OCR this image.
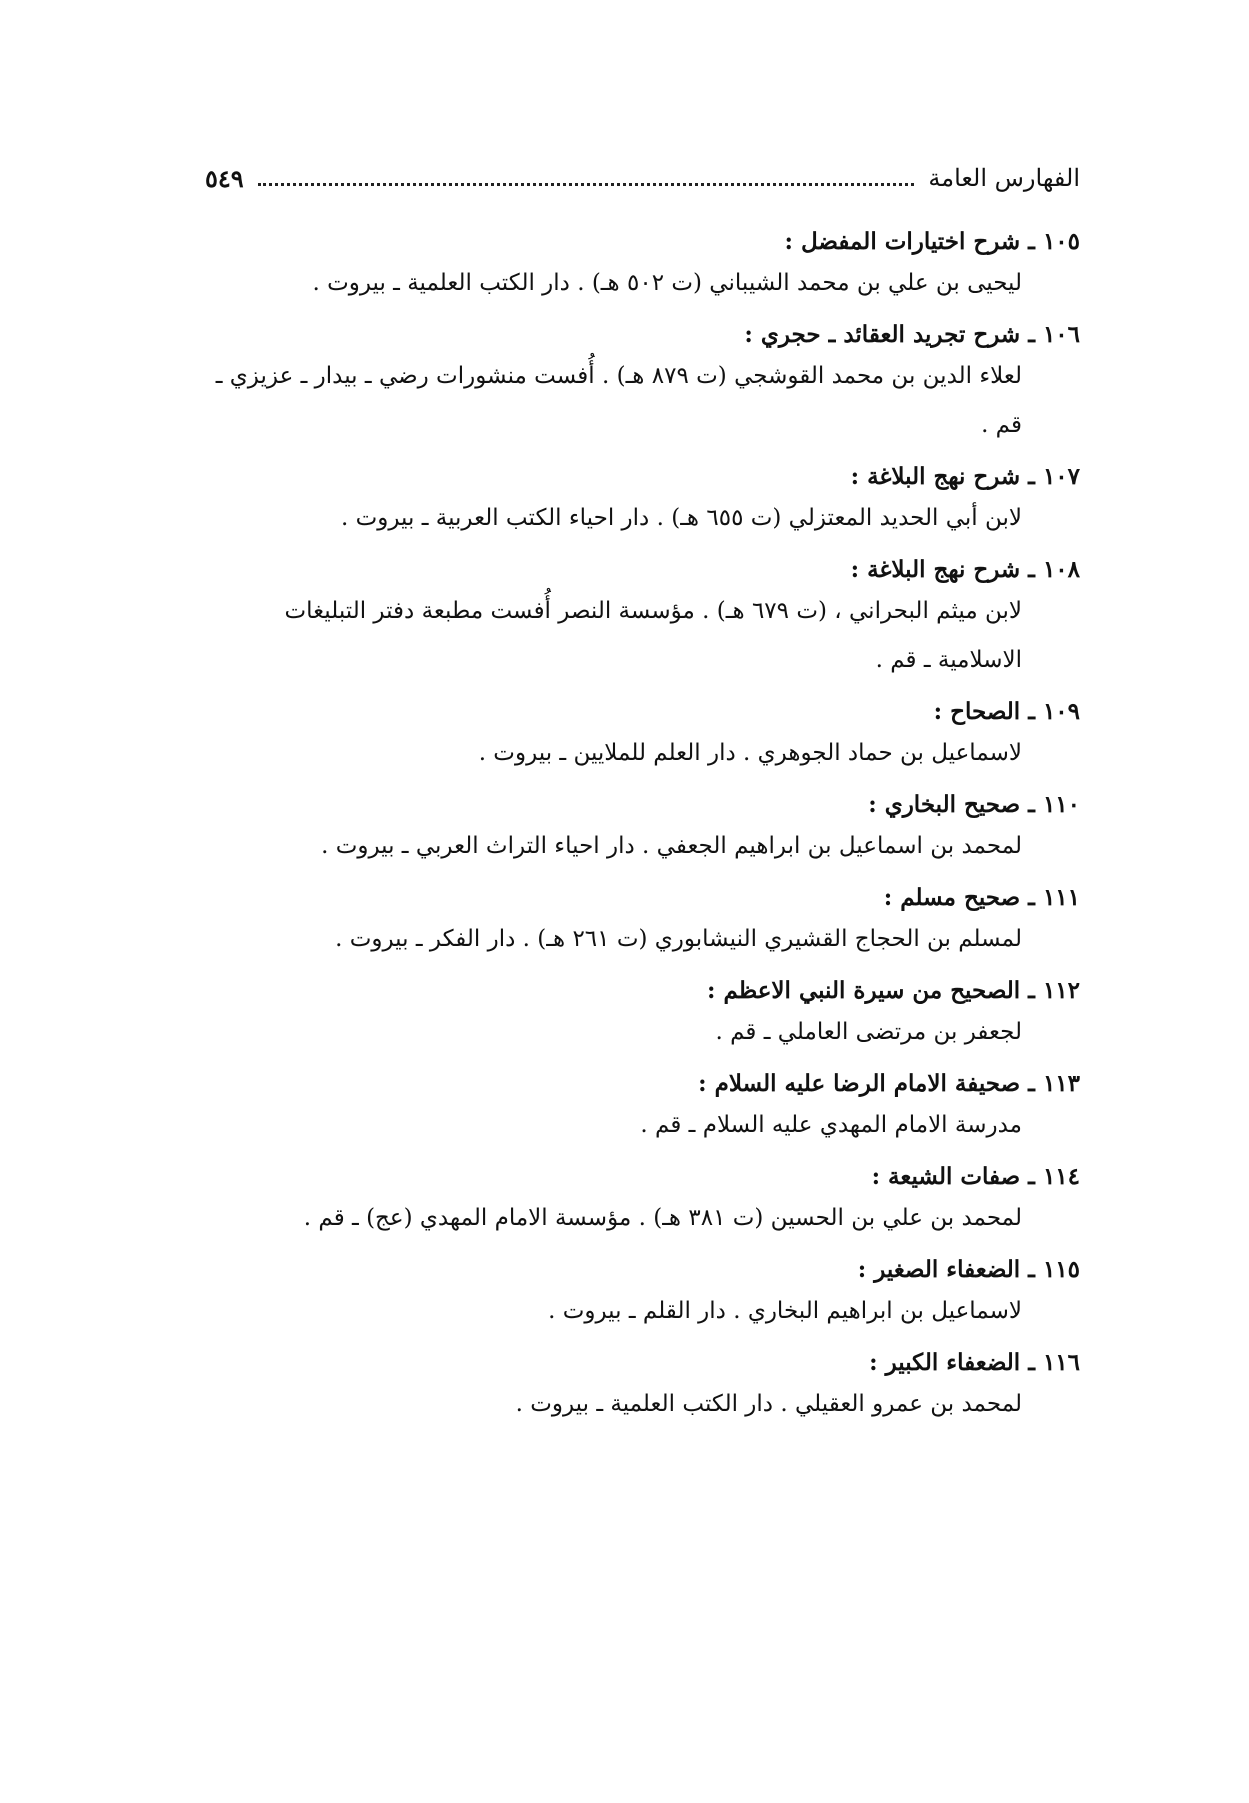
الفهارس العامة
٥٤٩

١٠٥ ـ شرح اختيارات المفضل :

ليحيى بن علي بن محمد الشيباني (ت ٥٠٢ هـ) . دار الكتب العلمية ـ بيروت .

١٠٦ ـ شرح تجريد العقائد ـ حجري :

لعلاء الدين بن محمد القوشجي (ت ٨٧٩ هـ) . أُفست منشورات رضي ـ بيدار ـ عزيزي ـ قم .

١٠٧ ـ شرح نهج البلاغة :

لابن أبي الحديد المعتزلي (ت ٦٥٥ هـ) . دار احياء الكتب العربية ـ بيروت .

١٠٨ ـ شرح نهج البلاغة :

لابن ميثم البحراني ، (ت ٦٧٩ هـ) . مؤسسة النصر أُفست مطبعة دفتر التبليغات الاسلامية ـ قم .

١٠٩ ـ الصحاح :

لاسماعيل بن حماد الجوهري . دار العلم للملايين ـ بيروت .

١١٠ ـ صحيح البخاري :

لمحمد بن اسماعيل بن ابراهيم الجعفي . دار احياء التراث العربي ـ بيروت .

١١١ ـ صحيح مسلم :

لمسلم بن الحجاج القشيري النيشابوري (ت ٢٦١ هـ) . دار الفكر ـ بيروت .

١١٢ ـ الصحيح من سيرة النبي الاعظم :

لجعفر بن مرتضى العاملي ـ قم .

١١٣ ـ صحيفة الامام الرضا عليه السلام :

مدرسة الامام المهدي عليه السلام ـ قم .

١١٤ ـ صفات الشيعة :

لمحمد بن علي بن الحسين (ت ٣٨١ هـ) . مؤسسة الامام المهدي (عج) ـ قم .

١١٥ ـ الضعفاء الصغير :

لاسماعيل بن ابراهيم البخاري . دار القلم ـ بيروت .

١١٦ ـ الضعفاء الكبير :

لمحمد بن عمرو العقيلي . دار الكتب العلمية ـ بيروت .
